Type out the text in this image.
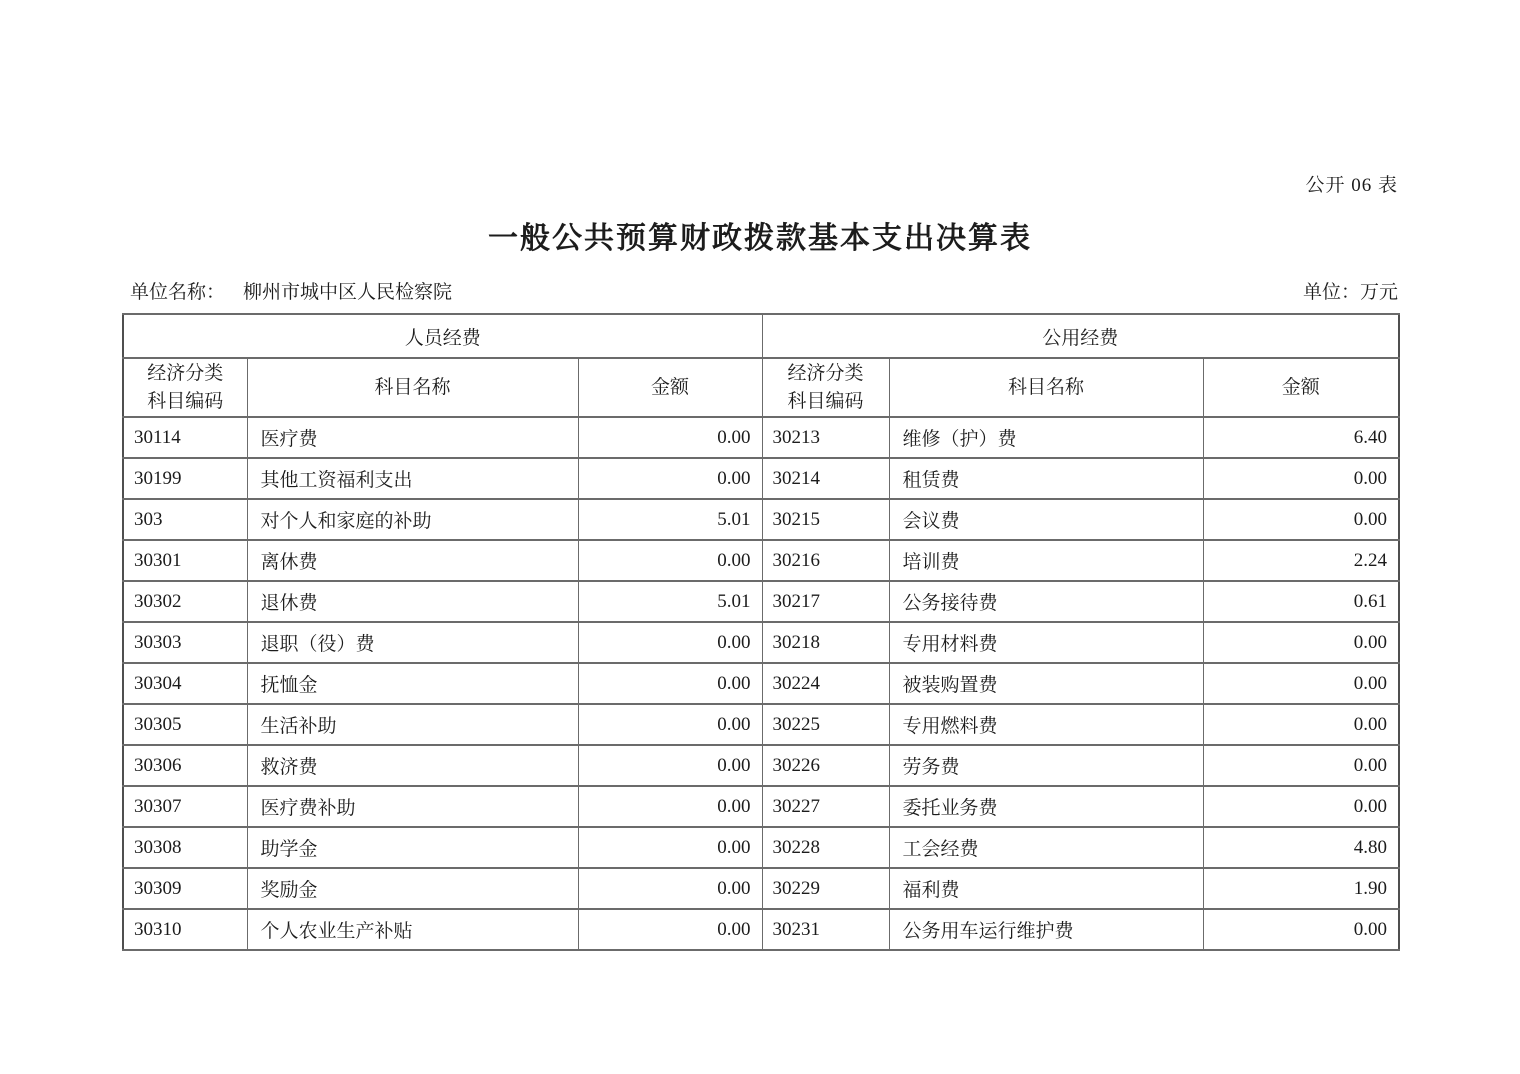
公开 06 表
一般公共预算财政拨款基本支出决算表
单位名称： 柳州市城中区人民检察院	单位：万元
人员经费			公用经费		

经济分类
科目编码
	科目名称	金额	
经济分类
科目编码
	科目名称	金额
30114	医疗费	0.00	30213	维修（护）费	6.40
30199	其他工资福利支出	0.00	30214	租赁费	0.00
303	对个人和家庭的补助	5.01	30215	会议费	0.00
30301	离休费	0.00	30216	培训费	2.24
30302	退休费	5.01	30217	公务接待费	0.61
30303	退职（役）费	0.00	30218	专用材料费	0.00
30304	抚恤金	0.00	30224	被装购置费	0.00
30305	生活补助	0.00	30225	专用燃料费	0.00
30306	救济费	0.00	30226	劳务费	0.00
30307	医疗费补助	0.00	30227	委托业务费	0.00
30308	助学金	0.00	30228	工会经费	4.80
30309	奖励金	0.00	30229	福利费	1.90
30310	个人农业生产补贴	0.00	30231	公务用车运行维护费	0.00
